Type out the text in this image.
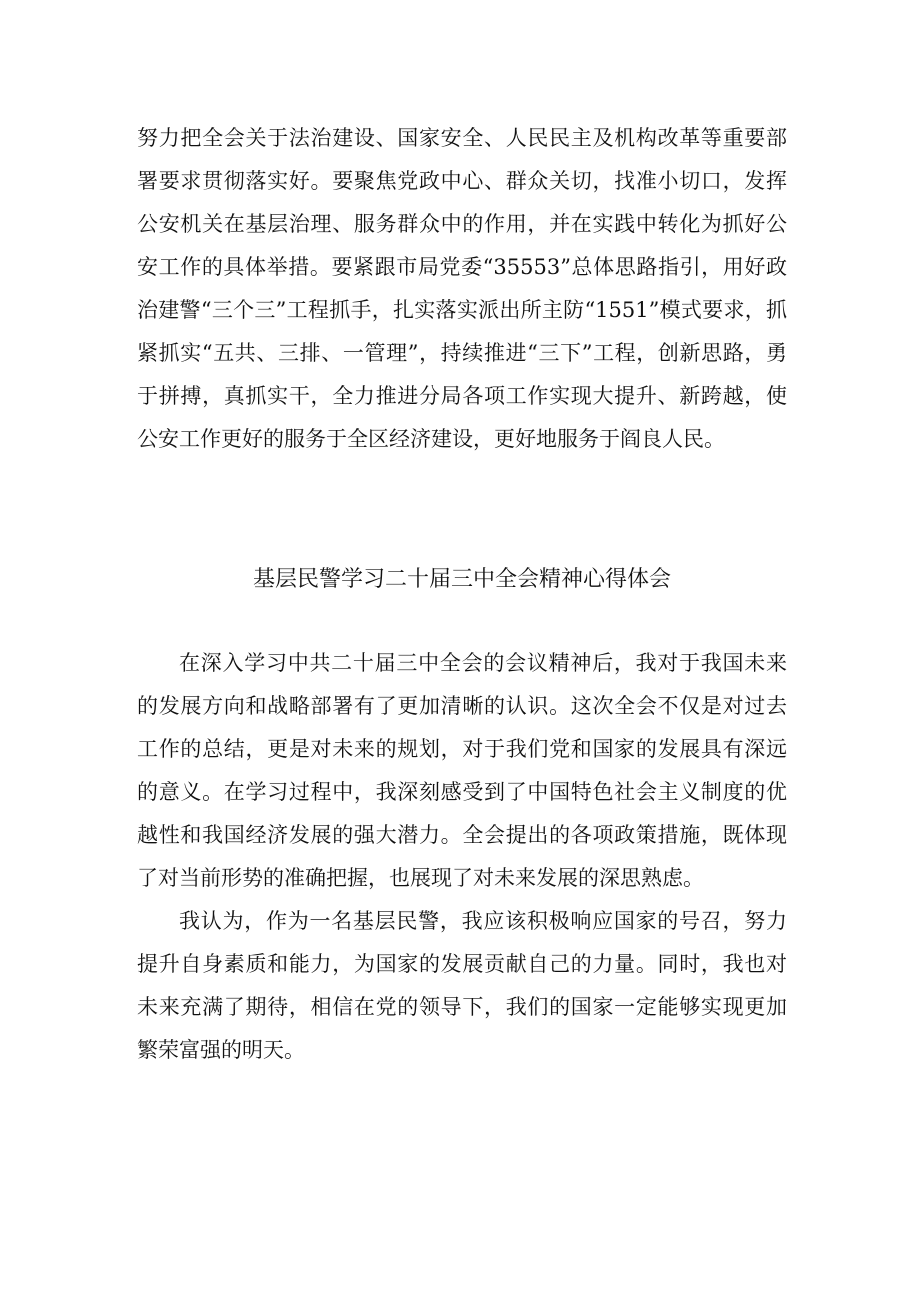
努力把全会关于法治建设、国家安全、人民民主及机构改革等重要部署要求贯彻落实好。要聚焦党政中心、群众关切，找准小切口，发挥公安机关在基层治理、服务群众中的作用，并在实践中转化为抓好公安工作的具体举措。要紧跟市局党委“35553”总体思路指引，用好政治建警“三个三”工程抓手，扎实落实派出所主防“1551”模式要求，抓紧抓实“五共、三排、一管理”，持续推进“三下”工程，创新思路，勇于拼搏，真抓实干，全力推进分局各项工作实现大提升、新跨越，使公安工作更好的服务于全区经济建设，更好地服务于阎良人民。

基层民警学习二十届三中全会精神心得体会

在深入学习中共二十届三中全会的会议精神后，我对于我国未来的发展方向和战略部署有了更加清晰的认识。这次全会不仅是对过去工作的总结，更是对未来的规划，对于我们党和国家的发展具有深远的意义。在学习过程中，我深刻感受到了中国特色社会主义制度的优越性和我国经济发展的强大潜力。全会提出的各项政策措施，既体现了对当前形势的准确把握，也展现了对未来发展的深思熟虑。

我认为，作为一名基层民警，我应该积极响应国家的号召，努力提升自身素质和能力，为国家的发展贡献自己的力量。同时，我也对未来充满了期待，相信在党的领导下，我们的国家一定能够实现更加繁荣富强的明天。
